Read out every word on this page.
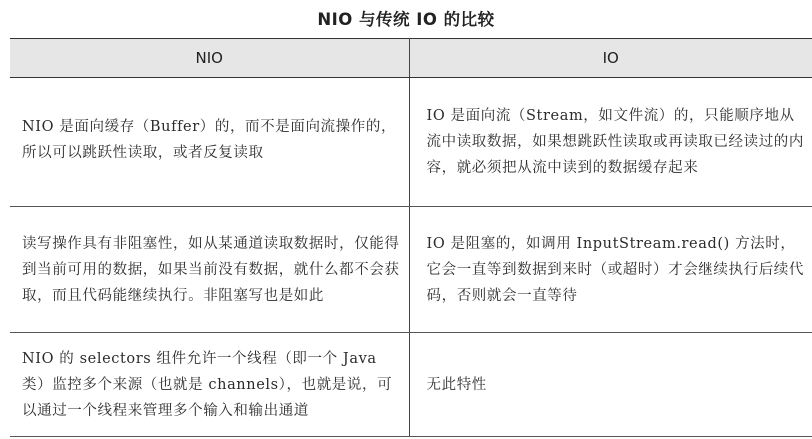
NIO 与传统 IO 的比较
NIO	IO
NIO 是面向缓存（Buffer）的，而不是面向流操作的，所以可以跳跃性读取，或者反复读取	IO 是面向流（Stream，如文件流）的，只能顺序地从流中读取数据，如果想跳跃性读取或再读取已经读过的内容，就必须把从流中读到的数据缓存起来
读写操作具有非阻塞性，如从某通道读取数据时，仅能得到当前可用的数据，如果当前没有数据，就什么都不会获取，而且代码能继续执行。非阻塞写也是如此	IO 是阻塞的，如调用 InputStream.read() 方法时，它会一直等到数据到来时（或超时）才会继续执行后续代码，否则就会一直等待
NIO 的 selectors 组件允许一个线程（即一个 Java 类）监控多个来源（也就是 channels），也就是说，可以通过一个线程来管理多个输入和输出通道	无此特性
